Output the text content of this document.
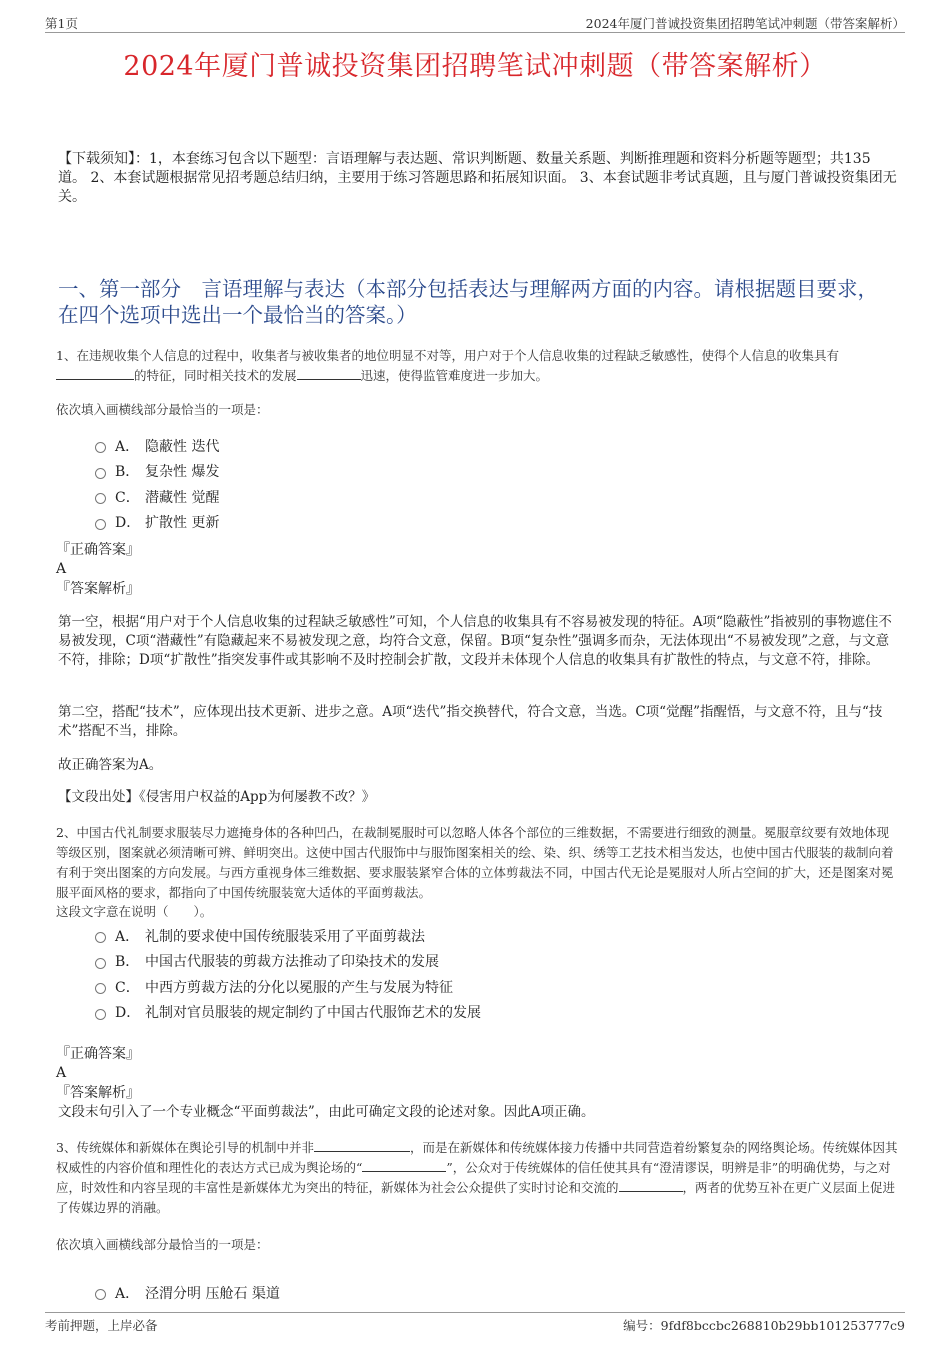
第1页	2024年厦门普诚投资集团招聘笔试冲刺题（带答案解析）
2024年厦门普诚投资集团招聘笔试冲刺题（带答案解析）
【下载须知】：1，本套练习包含以下题型：言语理解与表达题、常识判断题、数量关系题、判断推理题和资料分析题等题型；共135道。 2、本套试题根据常见招考题总结归纳，主要用于练习答题思路和拓展知识面。 3、本套试题非考试真题，且与厦门普诚投资集团无关。
一、第一部分　言语理解与表达（本部分包括表达与理解两方面的内容。请根据题目要求，在四个选项中选出一个最恰当的答案。）
1、在违规收集个人信息的过程中，收集者与被收集者的地位明显不对等，用户对于个人信息收集的过程缺乏敏感性，使得个人信息的收集具有的特征，同时相关技术的发展	迅速，使得监管难度进一步加大。
依次填入画横线部分最恰当的一项是：
A． 隐蔽性 迭代
B． 复杂性 爆发
C． 潜藏性 觉醒
D． 扩散性 更新
『正确答案』
A
『答案解析』
第一空，根据“用户对于个人信息收集的过程缺乏敏感性”可知，个人信息的收集具有不容易被发现的特征。A项“隐蔽性”指被别的事物遮住不易被发现，C项“潜藏性”有隐藏起来不易被发现之意，均符合文意，保留。B项“复杂性”强调多而杂，无法体现出“不易被发现”之意，与文意不符，排除；D项“扩散性”指突发事件或其影响不及时控制会扩散，文段并未体现个人信息的收集具有扩散性的特点，与文意不符，排除。
第二空，搭配“技术”，应体现出技术更新、进步之意。A项“迭代”指交换替代，符合文意，当选。C项“觉醒”指醒悟，与文意不符，且与“技术”搭配不当，排除。
故正确答案为A。
【文段出处】《侵害用户权益的App为何屡教不改？》
2、中国古代礼制要求服装尽力遮掩身体的各种凹凸，在裁制冕服时可以忽略人体各个部位的三维数据，不需要进行细致的测量。冕服章纹要有效地体现等级区别，图案就必须清晰可辨、鲜明突出。这使中国古代服饰中与服饰图案相关的绘、染、织、绣等工艺技术相当发达，也使中国古代服装的裁制向着有利于突出图案的方向发展。与西方重视身体三维数据、要求服装紧窄合体的立体剪裁法不同，中国古代无论是冕服对人所占空间的扩大，还是图案对冕服平面风格的要求，都指向了中国传统服装宽大适体的平面剪裁法。
这段文字意在说明（　　）。
A． 礼制的要求使中国传统服装采用了平面剪裁法
B． 中国古代服装的剪裁方法推动了印染技术的发展
C． 中西方剪裁方法的分化以冕服的产生与发展为特征
D． 礼制对官员服装的规定制约了中国古代服饰艺术的发展
『正确答案』
A
『答案解析』
文段末句引入了一个专业概念“平面剪裁法”，由此可确定文段的论述对象。因此A项正确。
3、传统媒体和新媒体在舆论引导的机制中并非	，而是在新媒体和传统媒体接力传播中共同营造着纷繁复杂的网络舆论场。传统媒体因其权威性的内容价值和理性化的表达方式已成为舆论场的“	”，公众对于传统媒体的信任使其具有“澄清谬误，明辨是非”的明确优势，与之对应，时效性和内容呈现的丰富性是新媒体尤为突出的特征，新媒体为社会公众提供了实时讨论和交流的	，两者的优势互补在更广义层面上促进了传媒边界的消融。
依次填入画横线部分最恰当的一项是：
A． 泾渭分明 压舱石 渠道
考前押题，上岸必备	编号：9fdf8bccbc268810b29bb101253777c9
